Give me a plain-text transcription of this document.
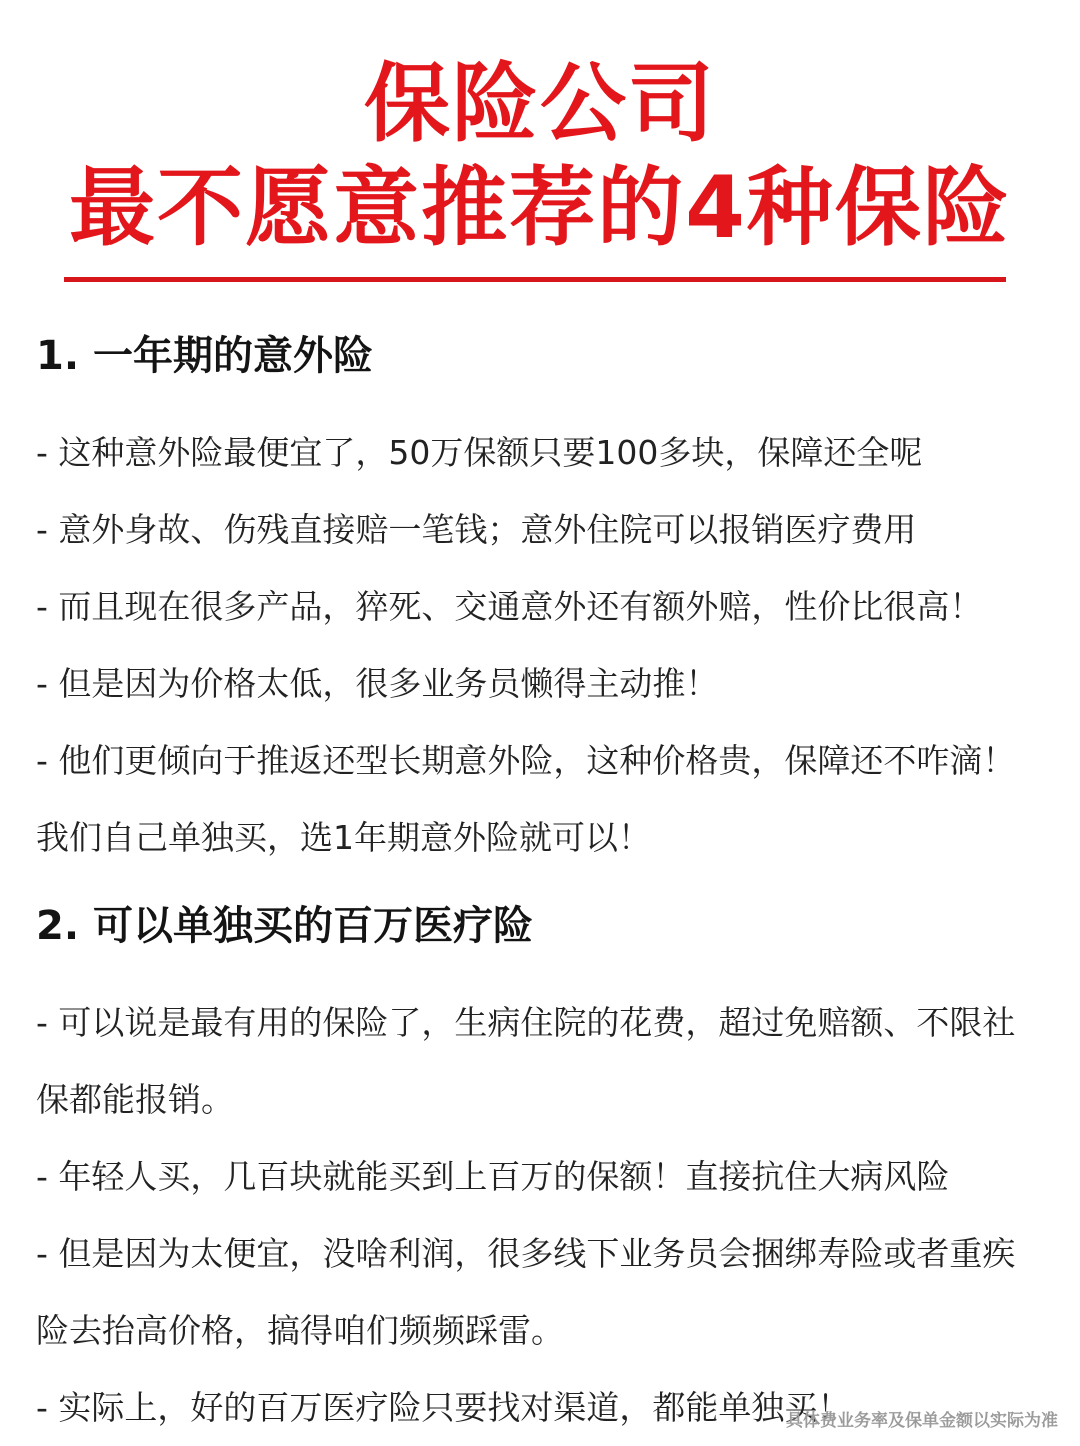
保险公司
最不愿意推荐的4种保险
1. 一年期的意外险

- 这种意外险最便宜了，50万保额只要100多块，保障还全呢

- 意外身故、伤残直接赔一笔钱；意外住院可以报销医疗费用

- 而且现在很多产品，猝死、交通意外还有额外赔，性价比很高！

- 但是因为价格太低，很多业务员懒得主动推！

- 他们更倾向于推返还型长期意外险，这种价格贵，保障还不咋滴！我们自己单独买，选1年期意外险就可以！

2. 可以单独买的百万医疗险

- 可以说是最有用的保险了，生病住院的花费，超过免赔额、不限社保都能报销。

- 年轻人买，几百块就能买到上百万的保额！直接抗住大病风险

- 但是因为太便宜，没啥利润，很多线下业务员会捆绑寿险或者重疾险去抬高价格，搞得咱们频频踩雷。

- 实际上，好的百万医疗险只要找对渠道，都能单独买！

具体费业务率及保单金额以实际为准
